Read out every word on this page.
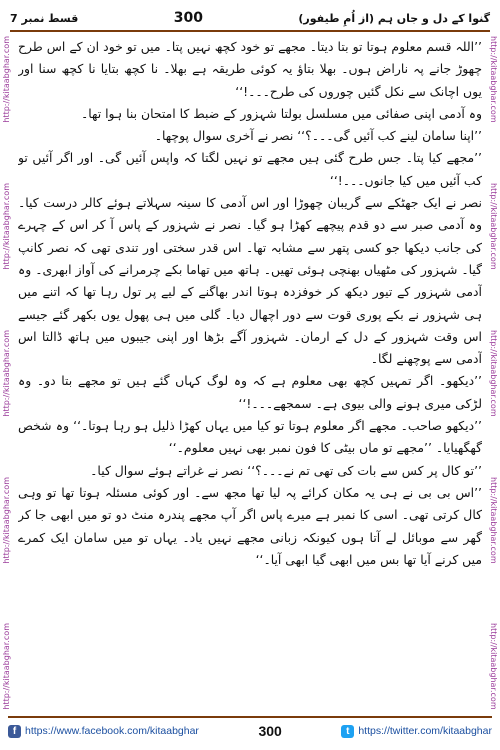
قسط نمبر 7	300	گنوا کے دل و جاں ہم (از اُمِ طیفور)
http://kitaabghar.com
http://kitaabghar.com
http://kitaabghar.com
http://kitaabghar.com
http://kitaabghar.com
http://kitaabghar.com
http://kitaabghar.com
http://kitaabghar.com
http://kitaabghar.com
http://kitaabghar.com

’’اللہ قسم معلوم ہوتا تو بتا دیتا۔ مجھے تو خود کچھ نہیں پتا۔ میں تو خود ان کے اس طرح چھوڑ جانے پہ ناراض ہوں۔ بھلا بتاؤ یہ کوئی طریقہ ہے بھلا۔ نا کچھ بتایا نا کچھ سنا اور یوں اچانک سے نکل گئیں چوروں کی طرح۔۔۔!‘‘

وہ آدمی اپنی صفائی میں مسلسل بولتا شہزور کے ضبط کا امتحان بنا ہوا تھا۔

’’اپنا سامان لینے کب آئیں گی۔۔۔؟‘‘ نصر نے آخری سوال پوچھا۔

’’مجھے کیا پتا۔ جس طرح گئی ہیں مجھے تو نہیں لگتا کہ واپس آئیں گی۔ اور اگر آئیں تو کب آئیں میں کیا جانوں۔۔۔!‘‘

نصر نے ایک جھٹکے سے گریبان چھوڑا اور اس آدمی کا سینہ سہلاتے ہوئے کالر درست کیا۔ وہ آدمی صبر سے دو قدم پیچھے کھڑا ہو گیا۔ نصر نے شہزور کے پاس آ کر اس کے چہرے کی جانب دیکھا جو کسی پتھر سے مشابہ تھا۔ اس قدر سختی اور تندی تھی کہ نصر کانپ گیا۔ شہزور کی مٹھیاں بھنچی ہوئی تھیں۔ ہاتھ میں تھاما بکے چرمرانے کی آواز ابھری۔ وہ آدمی شہزور کے تیور دیکھ کر خوفزدہ ہوتا اندر بھاگنے کے لیے پر تول رہا تھا کہ اتنے میں ہی شہزور نے بکے پوری قوت سے دور اچھال دیا۔ گلی میں ہی پھول یوں بکھر گئے جیسے اس وقت شہزور کے دل کے ارمان۔ شہزور آگے بڑھا اور اپنی جیبوں میں ہاتھ ڈالتا اس آدمی سے پوچھنے لگا۔

’’دیکھو۔ اگر تمہیں کچھ بھی معلوم ہے کہ وہ لوگ کہاں گئے ہیں تو مجھے بتا دو۔ وہ لڑکی میری ہونے والی بیوی ہے۔ سمجھے۔۔۔!‘‘

’’دیکھو صاحب۔ مجھے اگر معلوم ہوتا تو کیا میں یہاں کھڑا ذلیل ہو رہا ہوتا۔‘‘ وہ شخص گھگھیایا۔ ’’مجھے تو ماں بیٹی کا فون نمبر بھی نہیں معلوم۔‘‘

’’تو کال پر کس سے بات کی تھی تم نے۔۔۔؟‘‘ نصر نے غراتے ہوئے سوال کیا۔

’’اس بی بی نے ہی یہ مکان کرائے پہ لیا تھا مجھ سے۔ اور کوئی مسئلہ ہوتا تھا تو وہی کال کرتی تھی۔ اسی کا نمبر ہے میرے پاس اگر آپ مجھے پندرہ منٹ دو تو میں ابھی جا کر گھر سے موبائل لے آتا ہوں کیونکہ زبانی مجھے نہیں یاد۔ یہاں تو میں سامان ایک کمرے میں کرنے آیا تھا بس میں ابھی گیا ابھی آیا۔‘‘

f https://www.facebook.com/kitaabghar	300	t https://twitter.com/kitaabghar
